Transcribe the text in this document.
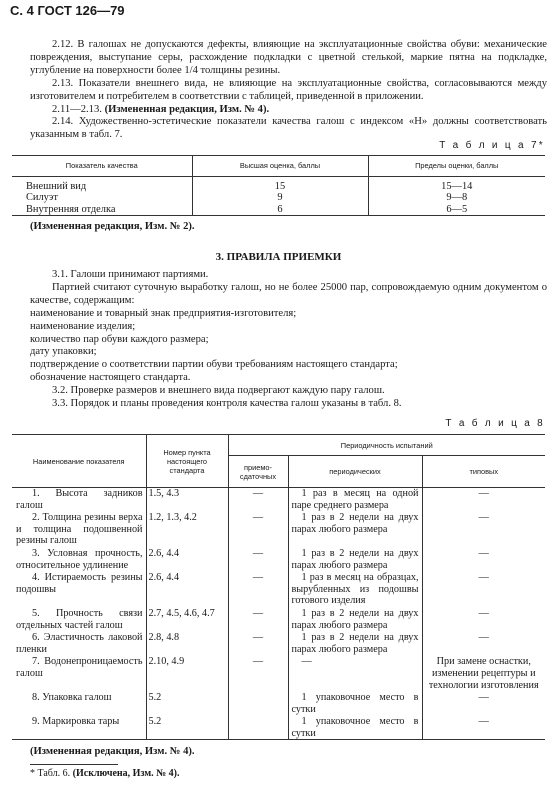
С. 4 ГОСТ 126—79

2.12. В галошах не допускаются дефекты, влияющие на эксплуатационные свойства обуви: механические повреждения, выступание серы, расхождение подкладки с цветной стелькой, маркие пятна на подкладке, углубление на поверхности более 1/4 толщины резины.

2.13. Показатели внешнего вида, не влияющие на эксплуатационные свойства, согласовываются между изготовителем и потребителем в соответствии с таблицей, приведенной в приложении.

2.11—2.13. (Измененная редакция, Изм. № 4).

2.14. Художественно-эстетические показатели качества галош с индексом «Н» должны соответствовать указанным в табл. 7.

Т а б л и ц а 7*
Показатель качества	Высшая оценка, баллы	Пределы оценки, баллы

Внешний вид	15	15—14
Силуэт	9	9—8
Внутренняя отделка	6	6—5
(Измененная редакция, Изм. № 2).
3. ПРАВИЛА ПРИЕМКИ

3.1. Галоши принимают партиями.

Партией считают суточную выработку галош, но не более 25000 пар, сопровождаемую одним документом о качестве, содержащим:

наименование и товарный знак предприятия-изготовителя;

наименование изделия;

количество пар обуви каждого размера;

дату упаковки;

подтверждение о соответствии партии обуви требованиям настоящего стандарта;

обозначение настоящего стандарта.

3.2. Проверке размеров и внешнего вида подвергают каждую пару галош.

3.3. Порядок и планы проведения контроля качества галош указаны в табл. 8.

Т а б л и ц а 8
Наименование показателя	Номер пункта настоящего стандарта	Периодичность испытаний		
		приемо-сдаточных	периодических	типовых

1. Высота задников галош	1.5, 4.3	—	1 раз в месяц на одной паре среднего размера	—

2. Толщина резины верха и толщина подошвенной резины галош	1.2, 1.3, 4.2	—	1 раз в 2 недели на двух парах любого размера	—

3. Условная прочность, относительное удлинение	2.6, 4.4	—	1 раз в 2 недели на двух парах любого размера	—

4. Истираемость резины подошвы	2.6, 4.4	—	1 раз в месяц на образцах, вырубленных из подошвы готового изделия	—

5. Прочность связи отдельных частей галош	2.7, 4.5, 4.6, 4.7	—	1 раз в 2 недели на двух парах любого размера	—

6. Эластичность лаковой пленки	2.8, 4.8	—	1 раз в 2 недели на двух парах любого размера	—

7. Водонепроницаемость галош	2.10, 4.9	—	—	При замене оснастки, изменении рецептуры и технологии изготовления

8. Упаковка галош	5.2		1 упаковочное место в сутки	—

9. Маркировка тары	5.2		1 упаковочное место в сутки	—
(Измененная редакция, Изм. № 4).
* Табл. 6. (Исключена, Изм. № 4).
